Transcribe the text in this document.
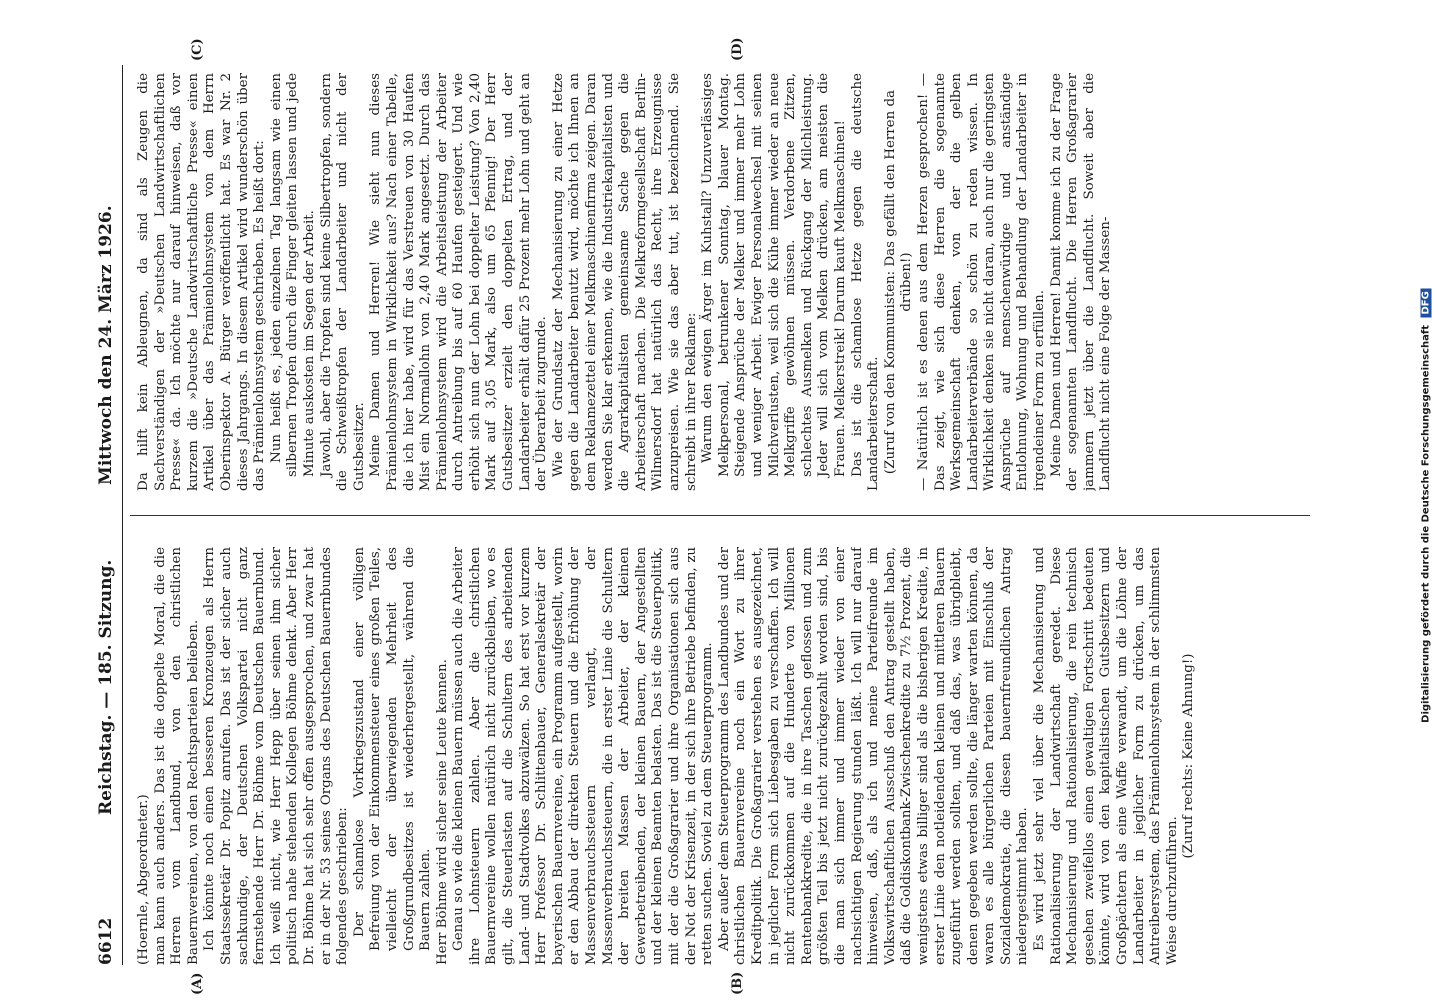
6612
Reichstag. — 185. Sitzung.
Mittwoch den 24. März 1926.
(A)	(B)
(C)	(D)

(Hoernle, Abgeordneter.) man kann auch anders. Das ist die doppelte Moral, die die Herren vom Landbund, von den christlichen Bauernvereinen, von den Rechtsparteien belieben. Ich könnte noch einen besseren Kronzeugen als Herrn Staatssekretär Dr. Popitz anrufen. Das ist der sicher auch sachkundige, der Deutschen Volkspartei nicht ganz fernstehende Herr Dr. Böhme vom Deutschen Bauernbund. Ich weiß nicht, wie Herr Hepp über seinen ihm sicher politisch nahe stehenden Kollegen Böhme denkt. Aber Herr Dr. Böhme hat sich sehr offen ausgesprochen, und zwar hat er in der Nr. 53 seines Organs des Deutschen Bauernbundes folgendes geschrieben: Der schamlose Vorkriegszustand einer völligen Befreiung von der Einkommensteuer eines großen Teiles, vielleicht der überwiegenden Mehrheit des Großgrundbesitzes ist wiederhergestellt, während die Bauern zahlen. Herr Böhme wird sicher seine Leute kennen. Genau so wie die kleinen Bauern müssen auch die Arbeiter ihre Lohnsteuern zahlen. Aber die christlichen Bauernvereine wollen natürlich nicht zurückbleiben, wo es gilt, die Steuerlasten auf die Schultern des arbeitenden Land- und Stadtvolkes abzuwälzen. So hat erst vor kurzem Herr Professor Dr. Schlittenbauer, Generalsekretär der bayerischen Bauernvereine, ein Programm aufgestellt, worin er den Abbau der direkten Steuern und die Erhöhung der Massenverbrauchssteuern verlangt, der Massenverbrauchssteuern, die in erster Linie die Schultern der breiten Massen der Arbeiter, der kleinen Gewerbetreibenden, der kleinen Bauern, der Angestellten und der kleinen Beamten belasten. Das ist die Steuerpolitik, mit der die Großagrarier und ihre Organisationen sich aus der Not der Krisenzeit, in der sich ihre Betriebe befinden, zu retten suchen. Soviel zu dem Steuerprogramm. Aber außer dem Steuerprogramm des Landbundes und der christlichen Bauernvereine noch ein Wort zu ihrer Kreditpolitik. Die Großagrarier verstehen es ausgezeichnet, in jeglicher Form sich Liebesgaben zu verschaffen. Ich will nicht zurückkommen auf die Hunderte von Millionen Rentenbankkredite, die in ihre Taschen geflossen und zum größten Teil bis jetzt nicht zurückgezahlt worden sind, bis die man sich immer und immer wieder von einer nachsichtigen Regierung stunden läßt. Ich will nur darauf hinweisen, daß, als ich und meine Parteifreunde im Volkswirtschaftlichen Ausschuß den Antrag gestellt haben, daß die Goldiskontbank-Zwischenkredite zu 7½ Prozent, die wenigstens etwas billiger sind als die bisherigen Kredite, in erster Linie den notleidenden kleinen und mittleren Bauern zugeführt werden sollten, und daß das, was übrigbleibt, denen gegeben werden sollte, die länger warten können, da waren es alle bürgerlichen Parteien mit Einschluß der Sozialdemokratie, die diesen bauernfreundlichen Antrag niedergestimmt haben. Es wird jetzt sehr viel über die Mechanisierung und Rationalisierung der Landwirtschaft geredet. Diese Mechanisierung und Rationalisierung, die rein technisch gesehen zweifellos einen gewaltigen Fortschritt bedeuten könnte, wird von den kapitalistischen Gutsbesitzern und Großpächtern als eine Waffe verwandt, um die Löhne der Landarbeiter in jeglicher Form zu drücken, um das Antreibersystem, das Prämienlohnsystem in der schlimmsten Weise durchzuführen.

(Zuruf rechts: Keine Ahnung!)

Da hilft kein Ableugnen, da sind als Zeugen die Sachverständigen der »Deutschen Landwirtschaftlichen Presse« da. Ich möchte nur darauf hinweisen, daß vor kurzem die »Deutsche Landwirtschaftliche Presse« einen Artikel über das Prämienlohnsystem von dem Herrn Oberinspektor A. Bürger veröffentlicht hat. Es war Nr. 2 dieses Jahrgangs. In diesem Artikel wird wunderschön über das Prämienlohnsystem geschrieben. Es heißt dort: Nun heißt es, jeden einzelnen Tag langsam wie einen silbernen Tropfen durch die Finger gleiten lassen und jede Minute auskosten im Segen der Arbeit. Jawohl, aber die Tropfen sind keine Silbertropfen, sondern die Schweißtropfen der Landarbeiter und nicht der Gutsbesitzer. Meine Damen und Herren! Wie sieht nun dieses Prämienlohnsystem in Wirklichkeit aus? Nach einer Tabelle, die ich hier habe, wird für das Verstreuen von 30 Haufen Mist ein Normallohn von 2,40 Mark angesetzt. Durch das Prämienlohnsystem wird die Arbeitsleistung der Arbeiter durch Antreibung bis auf 60 Haufen gesteigert. Und wie erhöht sich nun der Lohn bei doppelter Leistung? Von 2,40 Mark auf 3,05 Mark, also um 65 Pfennig! Der Herr Gutsbesitzer erzielt den doppelten Ertrag, und der Landarbeiter erhält dafür 25 Prozent mehr Lohn und geht an der Überarbeit zugrunde. Wie der Grundsatz der Mechanisierung zu einer Hetze gegen die Landarbeiter benutzt wird, möchte ich Ihnen an dem Reklamezettel einer Melkmaschinenfirma zeigen. Daran werden Sie klar erkennen, wie die Industriekapitalisten und die Agrarkapitalisten gemeinsame Sache gegen die Arbeiterschaft machen. Die Melkreformgesellschaft Berlin-Wilmersdorf hat natürlich das Recht, ihre Erzeugnisse anzupreisen. Wie sie das aber tut, ist bezeichnend. Sie schreibt in ihrer Reklame: Warum den ewigen Ärger im Kuhstall? Unzuverlässiges Melkpersonal, betrunkener Sonntag, blauer Montag. Steigende Ansprüche der Melker und immer mehr Lohn und weniger Arbeit. Ewiger Personalwechsel mit seinen Milchverlusten, weil sich die Kühe immer wieder an neue Melkgriffe gewöhnen müssen. Verdorbene Zitzen, schlechtes Ausmelken und Rückgang der Milchleistung. Jeder will sich vom Melken drücken, am meisten die Frauen. Melkerstreik! Darum kauft Melkmaschinen! Das ist die schamlose Hetze gegen die deutsche Landarbeiterschaft. (Zuruf von den Kommunisten: Das gefällt den Herren da drüben!) — Natürlich ist es denen aus dem Herzen gesprochen! — Das zeigt, wie sich diese Herren die sogenannte Werksgemeinschaft denken, von der die gelben Landarbeiterverbände so schön zu reden wissen. In Wirklichkeit denken sie nicht daran, auch nur die geringsten Ansprüche auf menschenwürdige und anständige Entlohnung, Wohnung und Behandlung der Landarbeiter in irgendeiner Form zu erfüllen. Meine Damen und Herren! Damit komme ich zu der Frage der sogenannten Landflucht. Die Herren Großagrarier jammern jetzt über die Landflucht. Soweit aber die Landflucht nicht eine Folge der Massen-	Digitalisierung gefördert durch die Deutsche Forschungsgemeinschaft DFG
